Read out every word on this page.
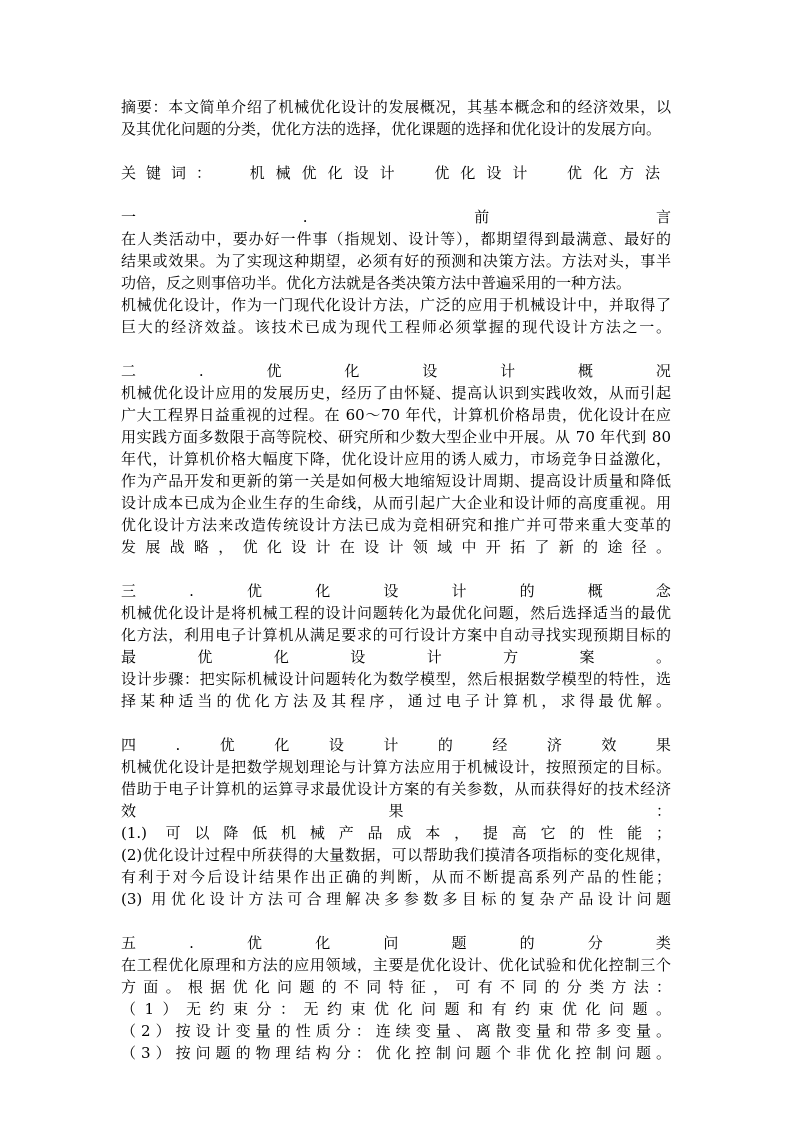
摘要：本文简单介绍了机械优化设计的发展概况，其基本概念和的经济效果，以
及其优化问题的分类，优化方法的选择，优化课题的选择和优化设计的发展方向。

关键词： 机械优化设计 优化设计 优化方法
一	.	前	言

在人类活动中，要办好一件事（指规划、设计等），都期望得到最满意、最好的
结果或效果。为了实现这种期望，必须有好的预测和决策方法。方法对头，事半
功倍，反之则事倍功半。优化方法就是各类决策方法中普遍采用的一种方法。
机械优化设计，作为一门现代化设计方法，广泛的应用于机械设计中，并取得了
巨大的经济效益。该技术已成为现代工程师必须掌握的现代设计方法之一。

二	.	优	化	设	计	概	况

机械优化设计应用的发展历史，经历了由怀疑、提高认识到实践收效，从而引起
广大工程界日益重视的过程。在 60～70 年代，计算机价格昂贵，优化设计在应
用实践方面多数限于高等院校、研究所和少数大型企业中开展。从 70 年代到 80
年代，计算机价格大幅度下降，优化设计应用的诱人威力，市场竞争日益激化，
作为产品开发和更新的第一关是如何极大地缩短设计周期、提高设计质量和降低
设计成本已成为企业生存的生命线，从而引起广大企业和设计师的高度重视。用
优化设计方法来改造传统设计方法已成为竞相研究和推广并可带来重大变革的
发展战略，优化设计在设计领域中开拓了新的途径。

三	.	优	化	设	计	的	概	念

机械优化设计是将机械工程的设计问题转化为最优化问题，然后选择适当的最优
化方法，利用电子计算机从满足要求的可行设计方案中自动寻找实现预期目标的
最　　　优　　　化　　　设　　　计　　　方　　　案　　　。
设计步骤：把实际机械设计问题转化为数学模型，然后根据数学模型的特性，选
择某种适当的优化方法及其程序，通过电子计算机，求得最优解。

四	.	优	化	设	计	的	经	济	效	果

机械优化设计是把数学规划理论与计算方法应用于机械设计，按照预定的目标。
借助于电子计算机的运算寻求最优设计方案的有关参数，从而获得好的技术经济
效　　　　　　　　　　　　　　　　果　　　　　　　　　　　　　　　　：
(1.) 可以降低机械产品成本，提高它的性能；
(2)优化设计过程中所获得的大量数据，可以帮助我们摸清各项指标的变化规律，
有利于对今后设计结果作出正确的判断，从而不断提高系列产品的性能；
(3) 用优化设计方法可合理解决多参数多目标的复杂产品设计问题

五	.	优	化	问	题	的	分	类

在工程优化原理和方法的应用领域，主要是优化设计、优化试验和优化控制三个
方面。根据优化问题的不同特征，可有不同的分类方法：
（1）无约束分：无约束优化问题和有约束优化问题。
（2）按设计变量的性质分：连续变量、离散变量和带多变量。
（3）按问题的物理结构分：优化控制问题个非优化控制问题。
